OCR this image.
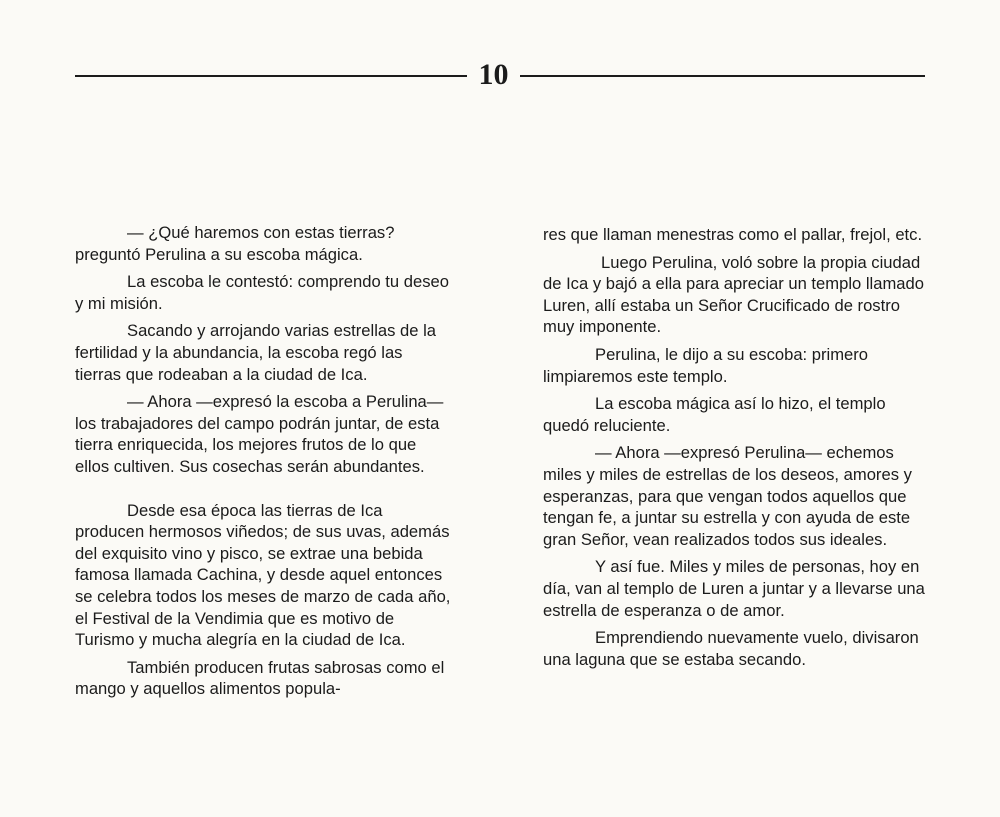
10

— ¿Qué haremos con estas tierras? preguntó Perulina a su escoba mágica.

La escoba le contestó: comprendo tu deseo y mi misión.

Sacando y arrojando varias estrellas de la fertilidad y la abundancia, la escoba regó las tierras que rodeaban a la ciudad de Ica.

— Ahora —expresó la escoba a Perulina— los trabajadores del campo podrán juntar, de esta tierra enriquecida, los mejores frutos de lo que ellos cultiven. Sus cosechas serán abundantes.

Desde esa época las tierras de Ica producen hermosos viñedos; de sus uvas, además del exquisito vino y pisco, se extrae una bebida famosa llamada Cachina, y desde aquel entonces se celebra todos los meses de marzo de cada año, el Festival de la Vendimia que es motivo de Turismo y mucha alegría en la ciudad de Ica.

También producen frutas sabrosas como el mango y aquellos alimentos popula-

res que llaman menestras como el pallar, frejol, etc.

Luego Perulina, voló sobre la propia ciudad de Ica y bajó a ella para apreciar un templo llamado Luren, allí estaba un Señor Crucificado de rostro muy imponente.

Perulina, le dijo a su escoba: primero limpiaremos este templo.

La escoba mágica así lo hizo, el templo quedó reluciente.

— Ahora —expresó Perulina— echemos miles y miles de estrellas de los deseos, amores y esperanzas, para que vengan todos aquellos que tengan fe, a juntar su estrella y con ayuda de este gran Señor, vean realizados todos sus ideales.

Y así fue. Miles y miles de personas, hoy en día, van al templo de Luren a juntar y a llevarse una estrella de esperanza o de amor.

Emprendiendo nuevamente vuelo, divisaron una laguna que se estaba secando.
